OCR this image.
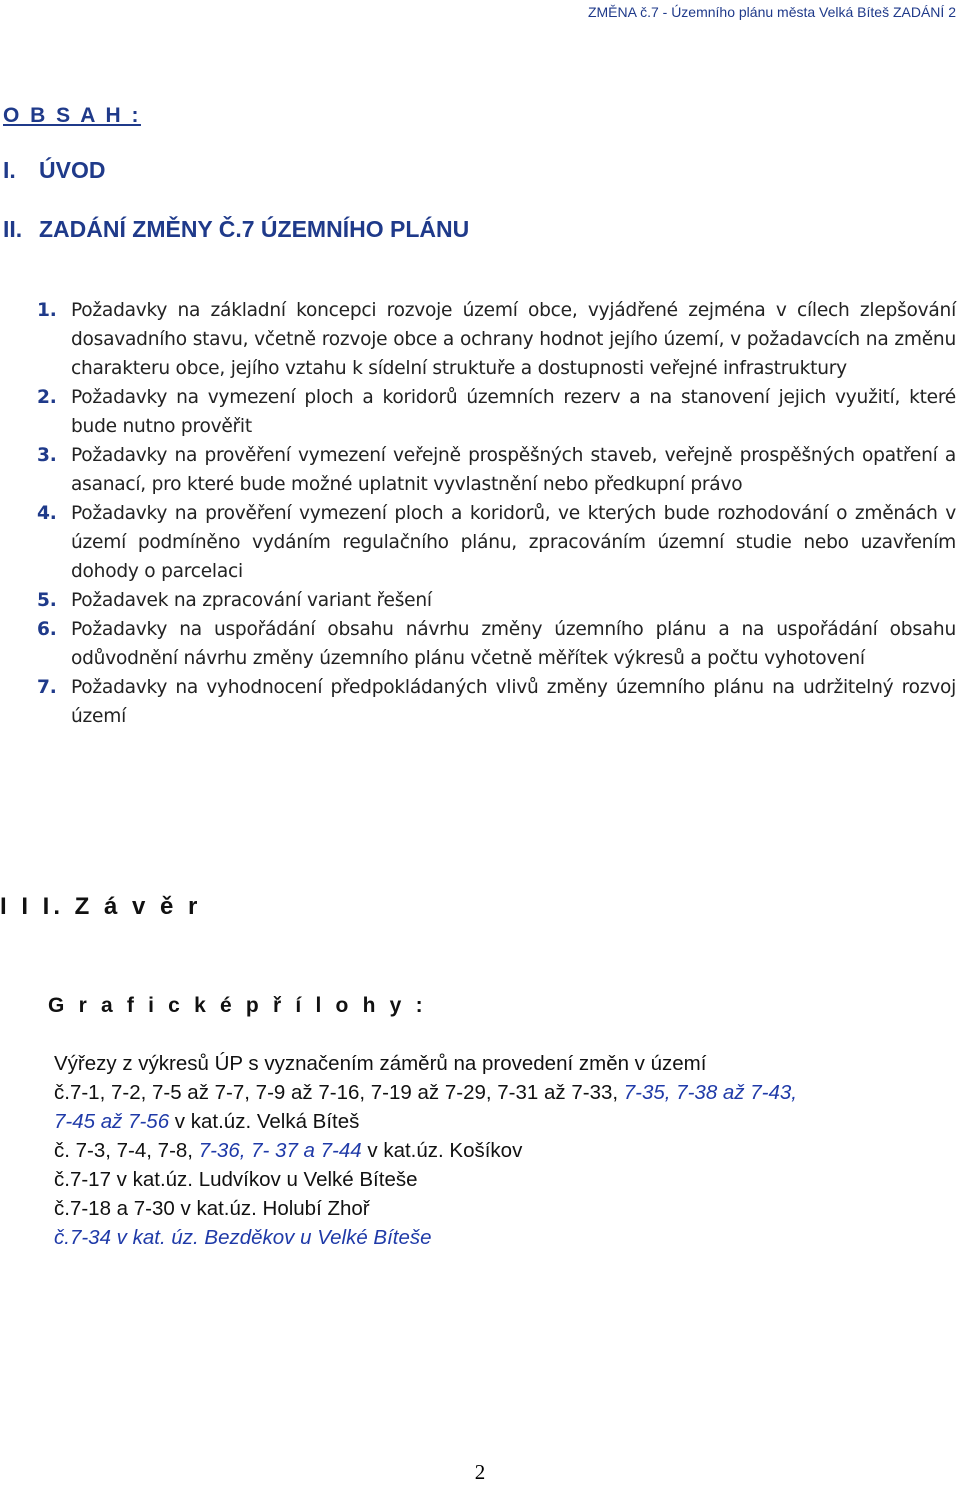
ZMĚNA č.7 - Územního plánu města Velká Bíteš ZADÁNÍ 2
O B S A H :
I. ÚVOD
II. ZADÁNÍ ZMĚNY Č.7 ÚZEMNÍHO PLÁNU
1. Požadavky na základní koncepci rozvoje území obce, vyjádřené zejména v cílech zlepšování dosavadního stavu, včetně rozvoje obce a ochrany hodnot jejího území, v požadavcích na změnu charakteru obce, jejího vztahu k sídelní struktuře a dostupnosti veřejné infrastruktury
2. Požadavky na vymezení ploch a koridorů územních rezerv a na stanovení jejich využití, které bude nutno prověřit
3. Požadavky na prověření vymezení veřejně prospěšných staveb, veřejně prospěšných opatření a asanací, pro které bude možné uplatnit vyvlastnění nebo předkupní právo
4. Požadavky na prověření vymezení ploch a koridorů, ve kterých bude rozhodování o změnách v území podmíněno vydáním regulačního plánu, zpracováním územní studie nebo uzavřením dohody o parcelaci
5. Požadavek na zpracování variant řešení
6. Požadavky na uspořádání obsahu návrhu změny územního plánu a na uspořádání obsahu odůvodnění návrhu změny územního plánu včetně měřítek výkresů a počtu vyhotovení
7. Požadavky na vyhodnocení předpokládaných vlivů změny územního plánu na udržitelný rozvoj území
I I I. Z á v ě r
G r a f i c k é p ř í l o h y :
Výřezy z výkresů ÚP s vyznačením záměrů na provedení změn v území
č.7-1, 7-2, 7-5 až 7-7, 7-9 až 7-16, 7-19 až 7-29, 7-31 až 7-33, 7-35, 7-38 až 7-43,
7-45 až 7-56 v kat.úz. Velká Bíteš
č. 7-3, 7-4, 7-8, 7-36, 7- 37 a 7-44 v kat.úz. Košíkov
č.7-17 v kat.úz. Ludvíkov u Velké Bíteše
č.7-18 a 7-30 v kat.úz. Holubí Zhoř
č.7-34 v kat. úz. Bezděkov u Velké Bíteše
2
